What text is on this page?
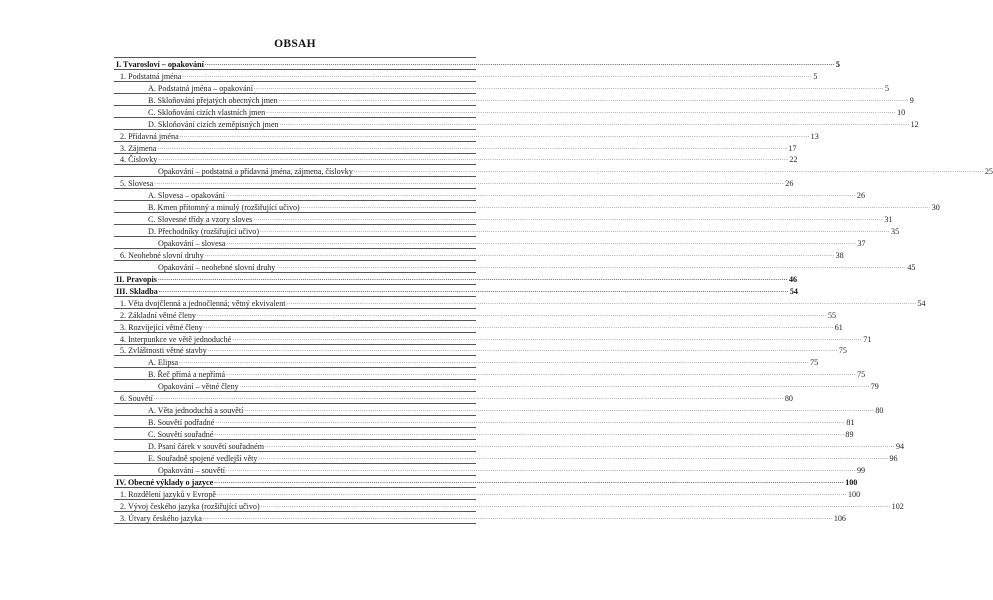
OBSAH
I. Tvarosloví – opakování ............................................................................................................................................................................................................................................................................................................ 5
1. Podstatná jména ............................................................................................................................................................................................................................................................................................................ 5
A. Podstatná jména – opakování ............................................................................................................................................................................................................................................................................................................ 5
B. Skloňování přejatých obecných jmen ............................................................................................................................................................................................................................................................................................................ 9
C. Skloňování cizích vlastních jmen ............................................................................................................................................................................................................................................................................................................ 10
D. Skloňování cizích zeměpisných jmen ............................................................................................................................................................................................................................................................................................................ 12
2. Přídavná jména ............................................................................................................................................................................................................................................................................................................ 13
3. Zájmena ............................................................................................................................................................................................................................................................................................................ 17
4. Číslovky ............................................................................................................................................................................................................................................................................................................ 22
Opakování – podstatná a přídavná jména, zájmena, číslovky ............................................................................................................................................................................................................................................................................................................ 25
5. Slovesa ............................................................................................................................................................................................................................................................................................................ 26
A. Slovesa – opakování ............................................................................................................................................................................................................................................................................................................ 26
B. Kmen přítomný a minulý (rozšiřující učivo) ............................................................................................................................................................................................................................................................................................................ 30
C. Slovesné třídy a vzory sloves ............................................................................................................................................................................................................................................................................................................ 31
D. Přechodníky (rozšiřující učivo) ............................................................................................................................................................................................................................................................................................................ 35
Opakování – slovesa ............................................................................................................................................................................................................................................................................................................ 37
6. Neohebné slovní druhy ............................................................................................................................................................................................................................................................................................................ 38
Opakování – neohebné slovní druhy ............................................................................................................................................................................................................................................................................................................ 45
II. Pravopis ............................................................................................................................................................................................................................................................................................................ 46
III. Skladba ............................................................................................................................................................................................................................................................................................................ 54
1. Věta dvojčlenná a jednočlenná; větný ekvivalent ............................................................................................................................................................................................................................................................................................................ 54
2. Základní větné členy ............................................................................................................................................................................................................................................................................................................ 55
3. Rozvíjející větné členy ............................................................................................................................................................................................................................................................................................................ 61
4. Interpunkce ve větě jednoduché ............................................................................................................................................................................................................................................................................................................ 71
5. Zvláštnosti větné stavby ............................................................................................................................................................................................................................................................................................................ 75
A. Elipsa ............................................................................................................................................................................................................................................................................................................ 75
B. Řeč přímá a nepřímá ............................................................................................................................................................................................................................................................................................................ 75
Opakování – větné členy ............................................................................................................................................................................................................................................................................................................ 79
6. Souvětí ............................................................................................................................................................................................................................................................................................................ 80
A. Věta jednoduchá a souvětí ............................................................................................................................................................................................................................................................................................................ 80
B. Souvětí podřadné ............................................................................................................................................................................................................................................................................................................ 81
C. Souvětí souřadné ............................................................................................................................................................................................................................................................................................................ 89
D. Psaní čárek v souvětí souřadném ............................................................................................................................................................................................................................................................................................................ 94
E. Souřadně spojené vedlejší věty ............................................................................................................................................................................................................................................................................................................ 96
Opakování – souvětí ............................................................................................................................................................................................................................................................................................................ 99
IV. Obecné výklady o jazyce ............................................................................................................................................................................................................................................................................................................ 100
1. Rozdělení jazyků v Evropě ............................................................................................................................................................................................................................................................................................................ 100
2. Vývoj českého jazyka (rozšiřující učivo) ............................................................................................................................................................................................................................................................................................................ 102
3. Útvary českého jazyka ............................................................................................................................................................................................................................................................................................................ 106
